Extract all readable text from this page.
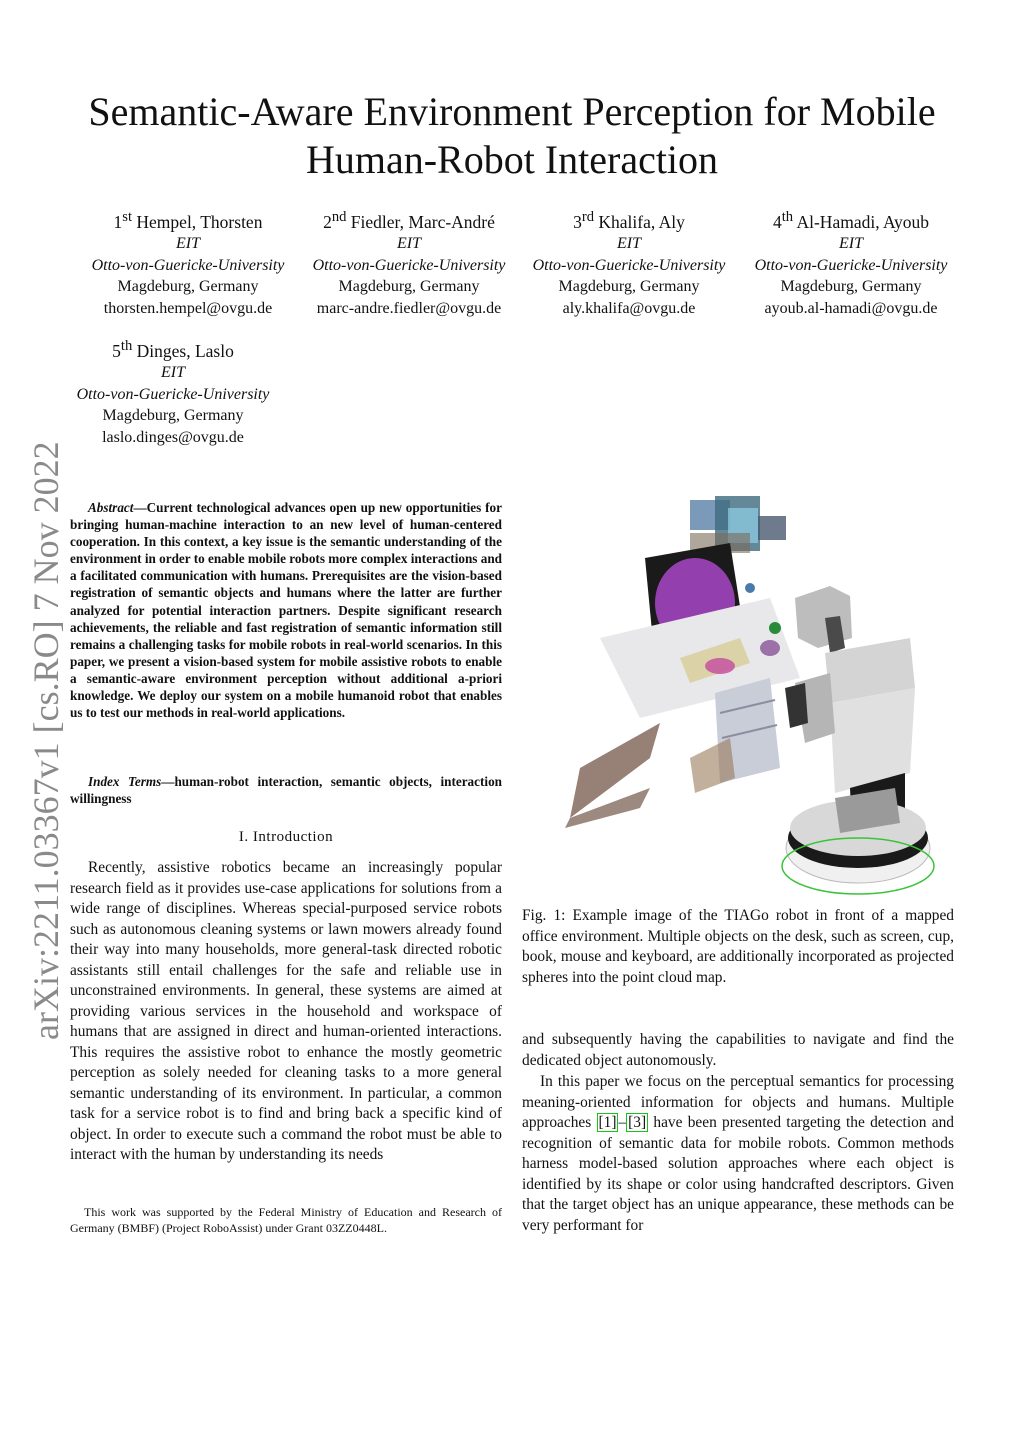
Semantic-Aware Environment Perception for Mobile
Human-Robot Interaction
1st Hempel, Thorsten
EIT
Otto-von-Guericke-University
Magdeburg, Germany
thorsten.hempel@ovgu.de
2nd Fiedler, Marc-André
EIT
Otto-von-Guericke-University
Magdeburg, Germany
marc-andre.fiedler@ovgu.de
3rd Khalifa, Aly
EIT
Otto-von-Guericke-University
Magdeburg, Germany
aly.khalifa@ovgu.de
4th Al-Hamadi, Ayoub
EIT
Otto-von-Guericke-University
Magdeburg, Germany
ayoub.al-hamadi@ovgu.de
5th Dinges, Laslo
EIT
Otto-von-Guericke-University
Magdeburg, Germany
laslo.dinges@ovgu.de
arXiv:2211.03367v1 [cs.RO] 7 Nov 2022	Abstract—Current technological advances open up new opportunities for bringing human-machine interaction to an new level of human-centered cooperation. In this context, a key issue is the semantic understanding of the environment in order to enable mobile robots more complex interactions and a facilitated communication with humans. Prerequisites are the vision-based registration of semantic objects and humans where the latter are further analyzed for potential interaction partners. Despite significant research achievements, the reliable and fast registration of semantic information still remains a challenging tasks for mobile robots in real-world scenarios. In this paper, we present a vision-based system for mobile assistive robots to enable a semantic-aware environment perception without additional a-priori knowledge. We deploy our system on a mobile humanoid robot that enables us to test our methods in real-world applications.
Index Terms—human-robot interaction, semantic objects, interaction willingness
I. Introduction
Recently, assistive robotics became an increasingly popular research field as it provides use-case applications for solutions from a wide range of disciplines. Whereas special-purposed service robots such as autonomous cleaning systems or lawn mowers already found their way into many households, more general-task directed robotic assistants still entail challenges for the safe and reliable use in unconstrained environments. In general, these systems are aimed at providing various services in the household and workspace of humans that are assigned in direct and human-oriented interactions. This requires the assistive robot to enhance the mostly geometric perception as solely needed for cleaning tasks to a more general semantic understanding of its environment. In particular, a common task for a service robot is to find and bring back a specific kind of object. In order to execute such a command the robot must be able to interact with the human by understanding its needs
This work was supported by the Federal Ministry of Education and Research of Germany (BMBF) (Project RoboAssist) under Grant 03ZZ0448L.
Fig. 1: Example image of the TIAGo robot in front of a mapped office environment. Multiple objects on the desk, such as screen, cup, book, mouse and keyboard, are additionally incorporated as projected spheres into the point cloud map.
and subsequently having the capabilities to navigate and find the dedicated object autonomously.
In this paper we focus on the perceptual semantics for processing meaning-oriented information for objects and humans. Multiple approaches [1] – [3] have been presented targeting the detection and recognition of semantic data for mobile robots. Common methods harness model-based solution approaches where each object is identified by its shape or color using handcrafted descriptors. Given that the target object has an unique appearance, these methods can be very performant for
